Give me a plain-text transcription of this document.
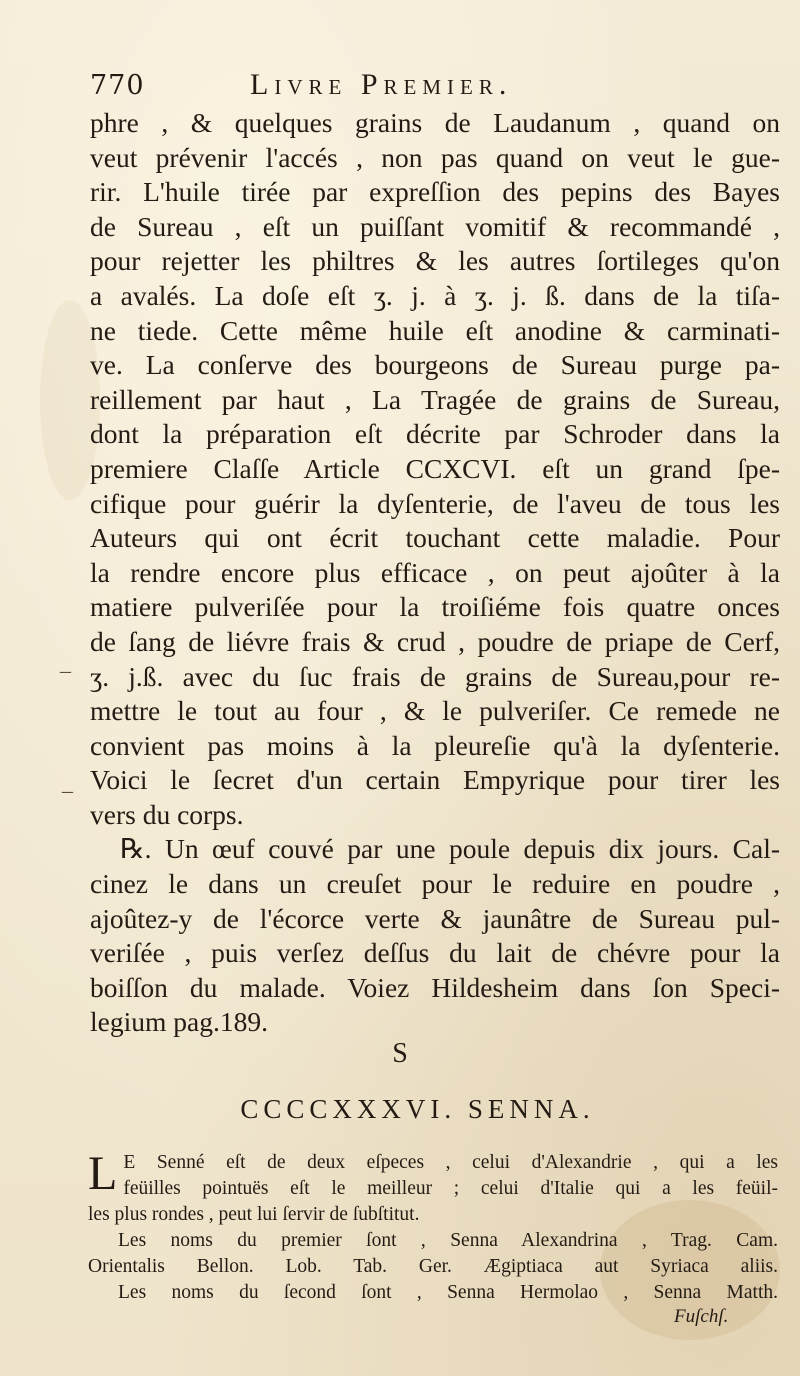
770	Livre Premier.
phre , & quelques grains de Laudanum , quand on
veut prévenir l'accés , non pas quand on veut le gue-
rir. L'huile tirée par expreſſion des pepins des Bayes
de Sureau , eſt un puiſſant vomitif & recommandé ,
pour rejetter les philtres & les autres ſortileges qu'on
a avalés. La doſe eſt ʒ. j. à ʒ. j. ß. dans de la tiſa-
ne tiede. Cette même huile eſt anodine & carminati-
ve. La conſerve des bourgeons de Sureau purge pa-
reillement par haut , La Tragée de grains de Sureau,
dont la préparation eſt décrite par Schroder dans la
premiere Claſſe Article CCXCVI. eſt un grand ſpe-
cifique pour guérir la dyſenterie, de l'aveu de tous les
Auteurs qui ont écrit touchant cette maladie. Pour
la rendre encore plus efficace , on peut ajoûter à la
matiere pulveriſée pour la troiſiéme fois quatre onces
de ſang de liévre frais & crud , poudre de priape de Cerf,
ʒ. j.ß. avec du ſuc frais de grains de Sureau,pour re-
mettre le tout au four , & le pulveriſer. Ce remede ne
convient pas moins à la pleureſie qu'à la dyſenterie.
Voici le ſecret d'un certain Empyrique pour tirer les
vers du corps.
℞. Un œuf couvé par une poule depuis dix jours. Cal-
cinez le dans un creuſet pour le reduire en poudre ,
ajoûtez-y de l'écorce verte & jaunâtre de Sureau pul-
veriſée , puis verſez deſſus du lait de chévre pour la
boiſſon du malade. Voiez Hildesheim dans ſon Speci-
legium pag.189.
S
CCCCXXXVI. SENNA.
L E Senné eſt de deux eſpeces , celui d'Alexandrie , qui a les
feüilles pointuës eſt le meilleur ; celui d'Italie qui a les feüil-
les plus rondes , peut lui ſervir de ſubſtitut.
Les noms du premier ſont , Senna Alexandrina , Trag. Cam.
Orientalis Bellon. Lob. Tab. Ger. Ægiptiaca aut Syriaca aliis.
Les noms du ſecond ſont , Senna Hermolao , Senna Matth.
Fuſchſ.
_
_
